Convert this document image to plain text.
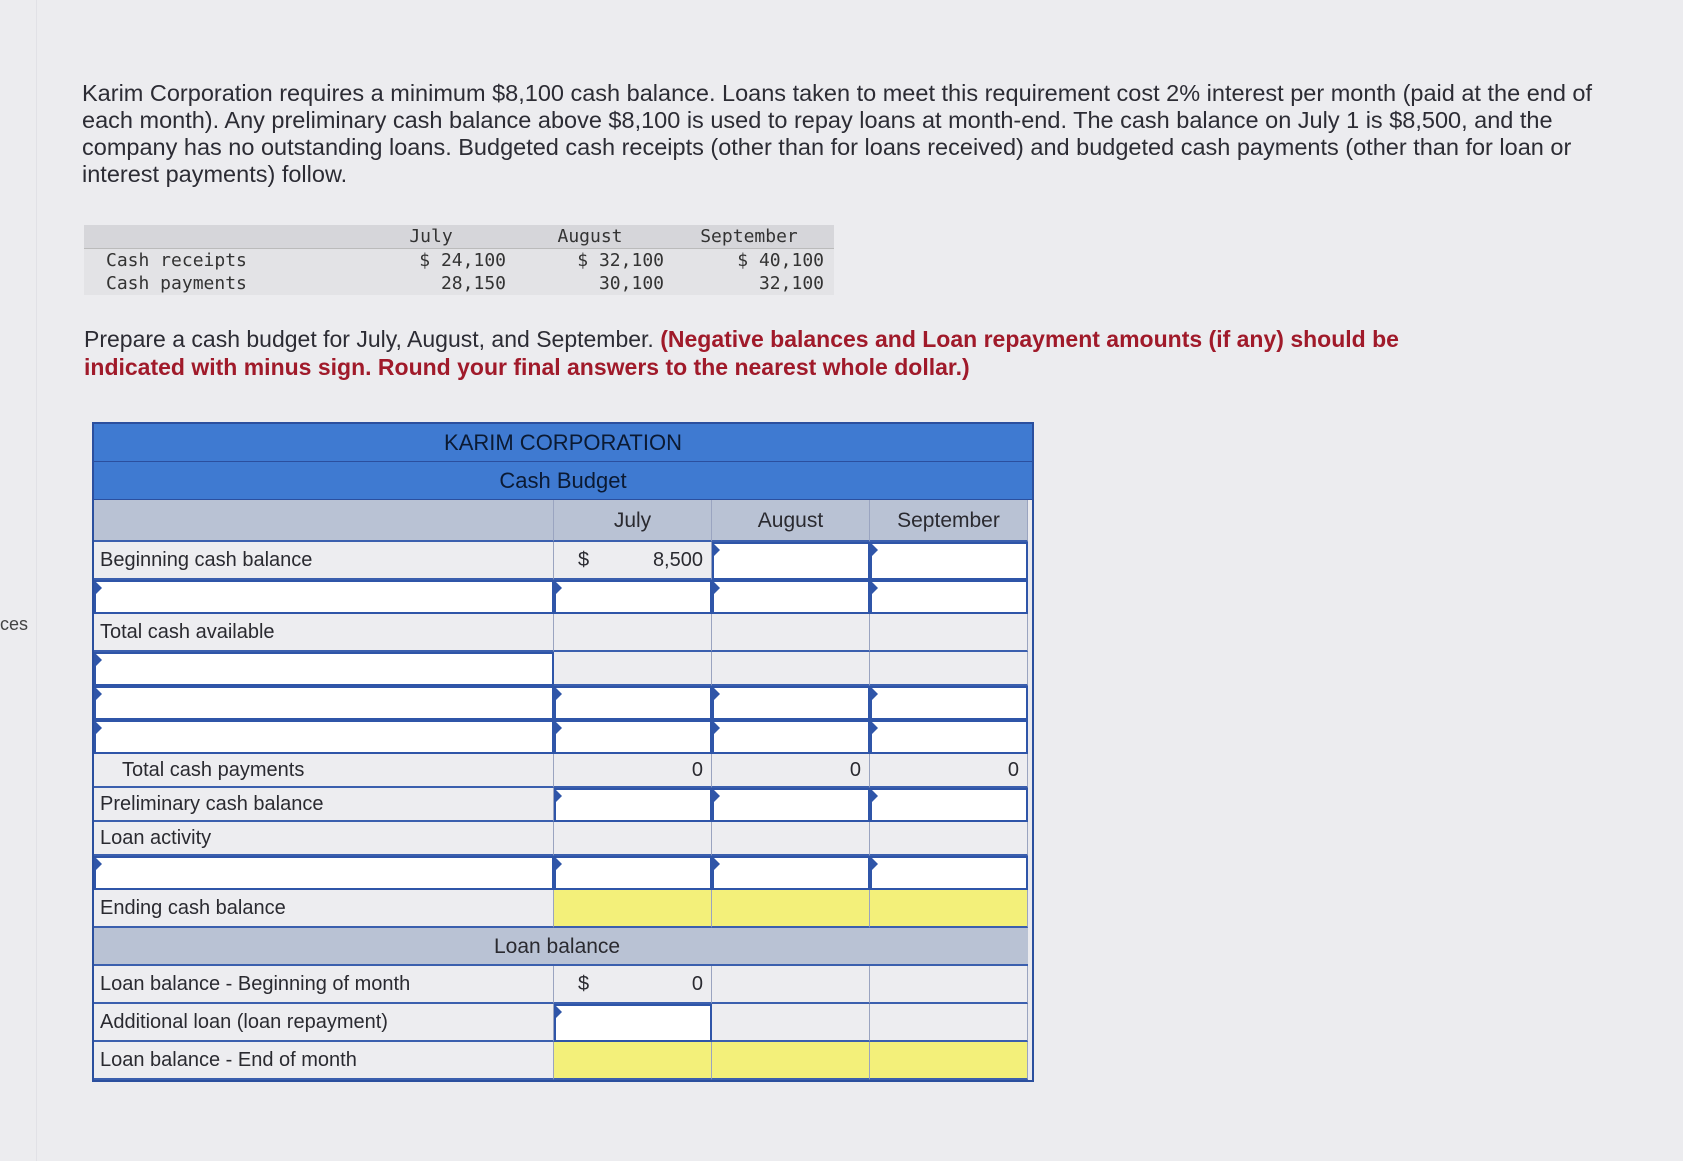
ces
Karim Corporation requires a minimum $8,100 cash balance. Loans taken to meet this requirement cost 2% interest per month (paid at the end of each month). Any preliminary cash balance above $8,100 is used to repay loans at month-end. The cash balance on July 1 is $8,500, and the company has no outstanding loans. Budgeted cash receipts (other than for loans received) and budgeted cash payments (other than for loan or interest payments) follow.
	July	August	September
Cash receipts	$ 24,100	$ 32,100	$ 40,100
Cash payments	28,150	30,100	32,100
Prepare a cash budget for July, August, and September. (Negative balances and Loan repayment amounts (if any) should be indicated with minus sign. Round your final answers to the nearest whole dollar.)
KARIM CORPORATION
Cash Budget
July	August	September
Beginning cash balance	$	8,500
Total cash available
Total cash payments	0	0	0
Preliminary cash balance
Loan activity
Ending cash balance
Loan balance
Loan balance - Beginning of month	$	0
Additional loan (loan repayment)
Loan balance - End of month
